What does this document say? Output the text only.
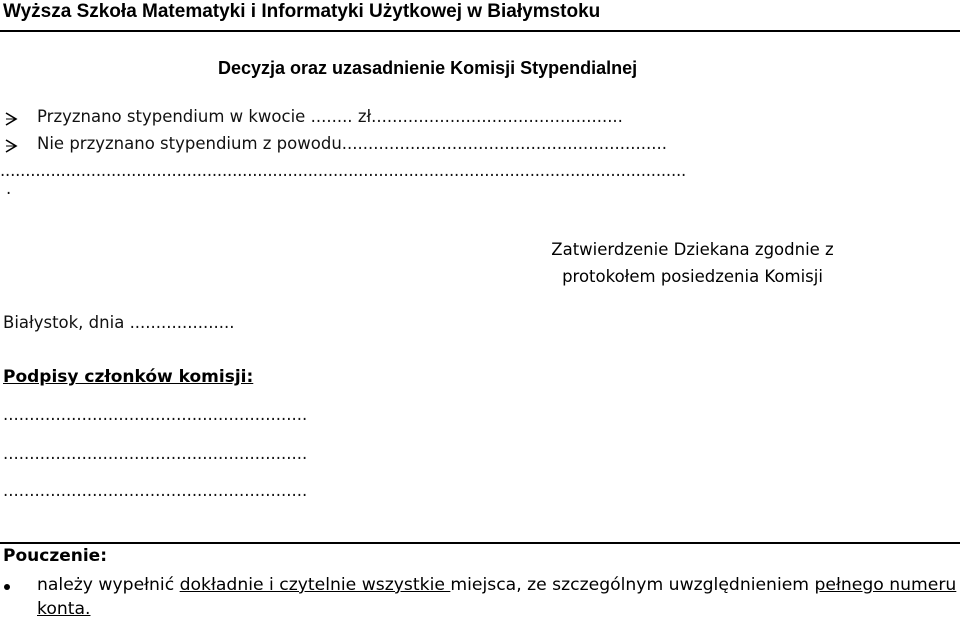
Wyższa Szkoła Matematyki i Informatyki Użytkowej w Białymstoku
Decyzja oraz uzasadnienie Komisji Stypendialnej
Przyznano stypendium w kwocie ........ zł................................................
Nie przyznano stypendium z powodu..............................................................
........................................................................................................................................
.
Zatwierdzenie Dziekana zgodnie z
protokołem posiedzenia Komisji
Białystok, dnia ....................
Podpisy członków komisji:
..........................................................
..........................................................
..........................................................
Pouczenie:
należy wypełnić dokładnie i czytelnie wszystkie miejsca, ze szczególnym uwzględnieniem pełnego numeru konta.
